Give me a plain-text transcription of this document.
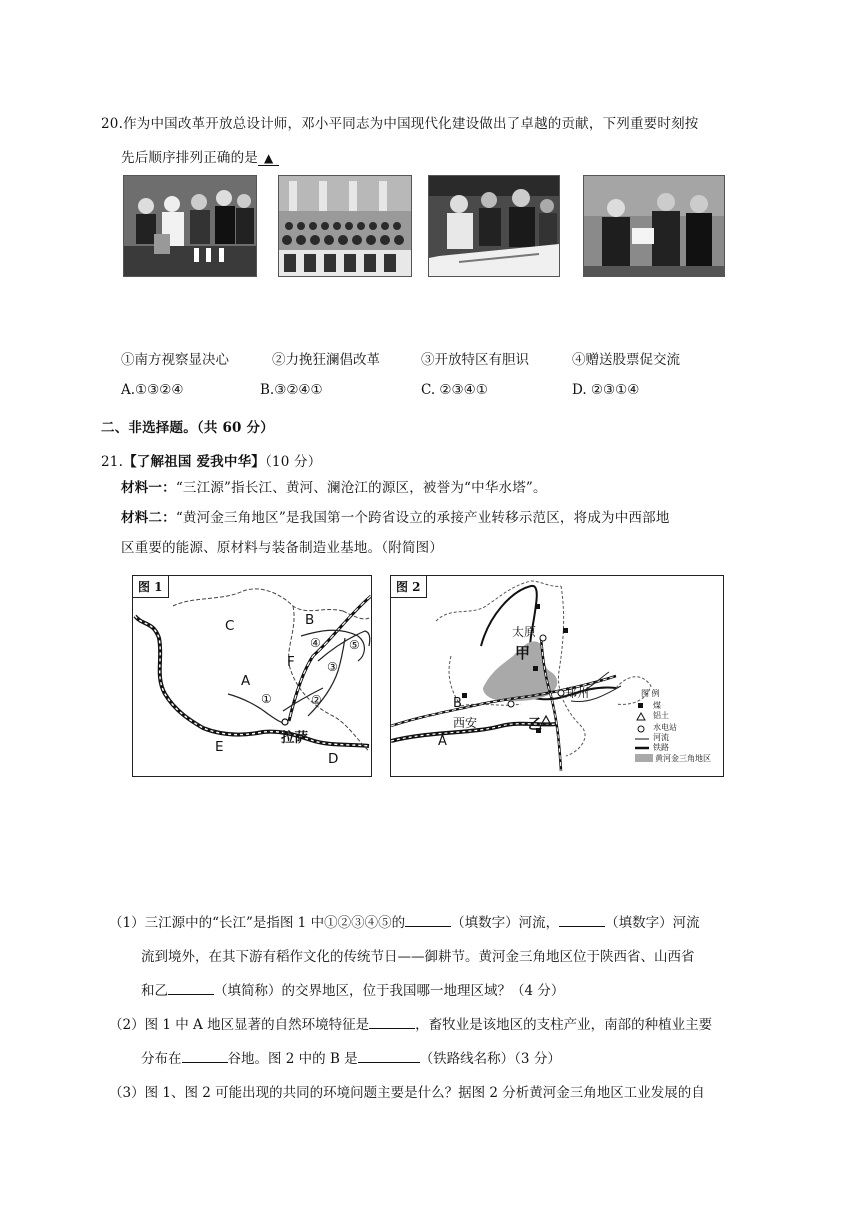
20.作为中国改革开放总设计师，邓小平同志为中国现代化建设做出了卓越的贡献，下列重要时刻按
先后顺序排列正确的是 ▲
①南方视察显决心	②力挽狂澜倡改革	③开放特区有胆识	④赠送股票促交流
A.①③②④	B.③②④①	C. ②③④①	D. ②③①④
二、非选择题。（共 60 分）
21.【了解祖国 爱我中华】（10 分）
材料一：“三江源”指长江、黄河、澜沧江的源区，被誉为“中华水塔”。
材料二：“黄河金三角地区”是我国第一个跨省设立的承接产业转移示范区，将成为中西部地
区重要的能源、原材料与装备制造业基地。（附简图）
图 1
C	B
F
A
E
D
①	②
③
④ ⑤
拉萨
图 2
太原
甲
B
西安
郑州
乙
A
图 例
煤
铝土
水电站
河流
铁路
黄河金三角地区
（1）三江源中的“长江”是指图 1 中①②③④⑤的	（填数字）河流，	（填数字）河流
流到境外，在其下游有稻作文化的传统节日——御耕节。黄河金三角地区位于陕西省、山西省
和乙	（填简称）的交界地区，位于我国哪一地理区域？（4 分）
（2）图 1 中 A 地区显著的自然环境特征是	，畜牧业是该地区的支柱产业，南部的种植业主要
分布在	谷地。图 2 中的 B 是	（铁路线名称）（3 分）
（3）图 1、图 2 可能出现的共同的环境问题主要是什么？据图 2 分析黄河金三角地区工业发展的自
